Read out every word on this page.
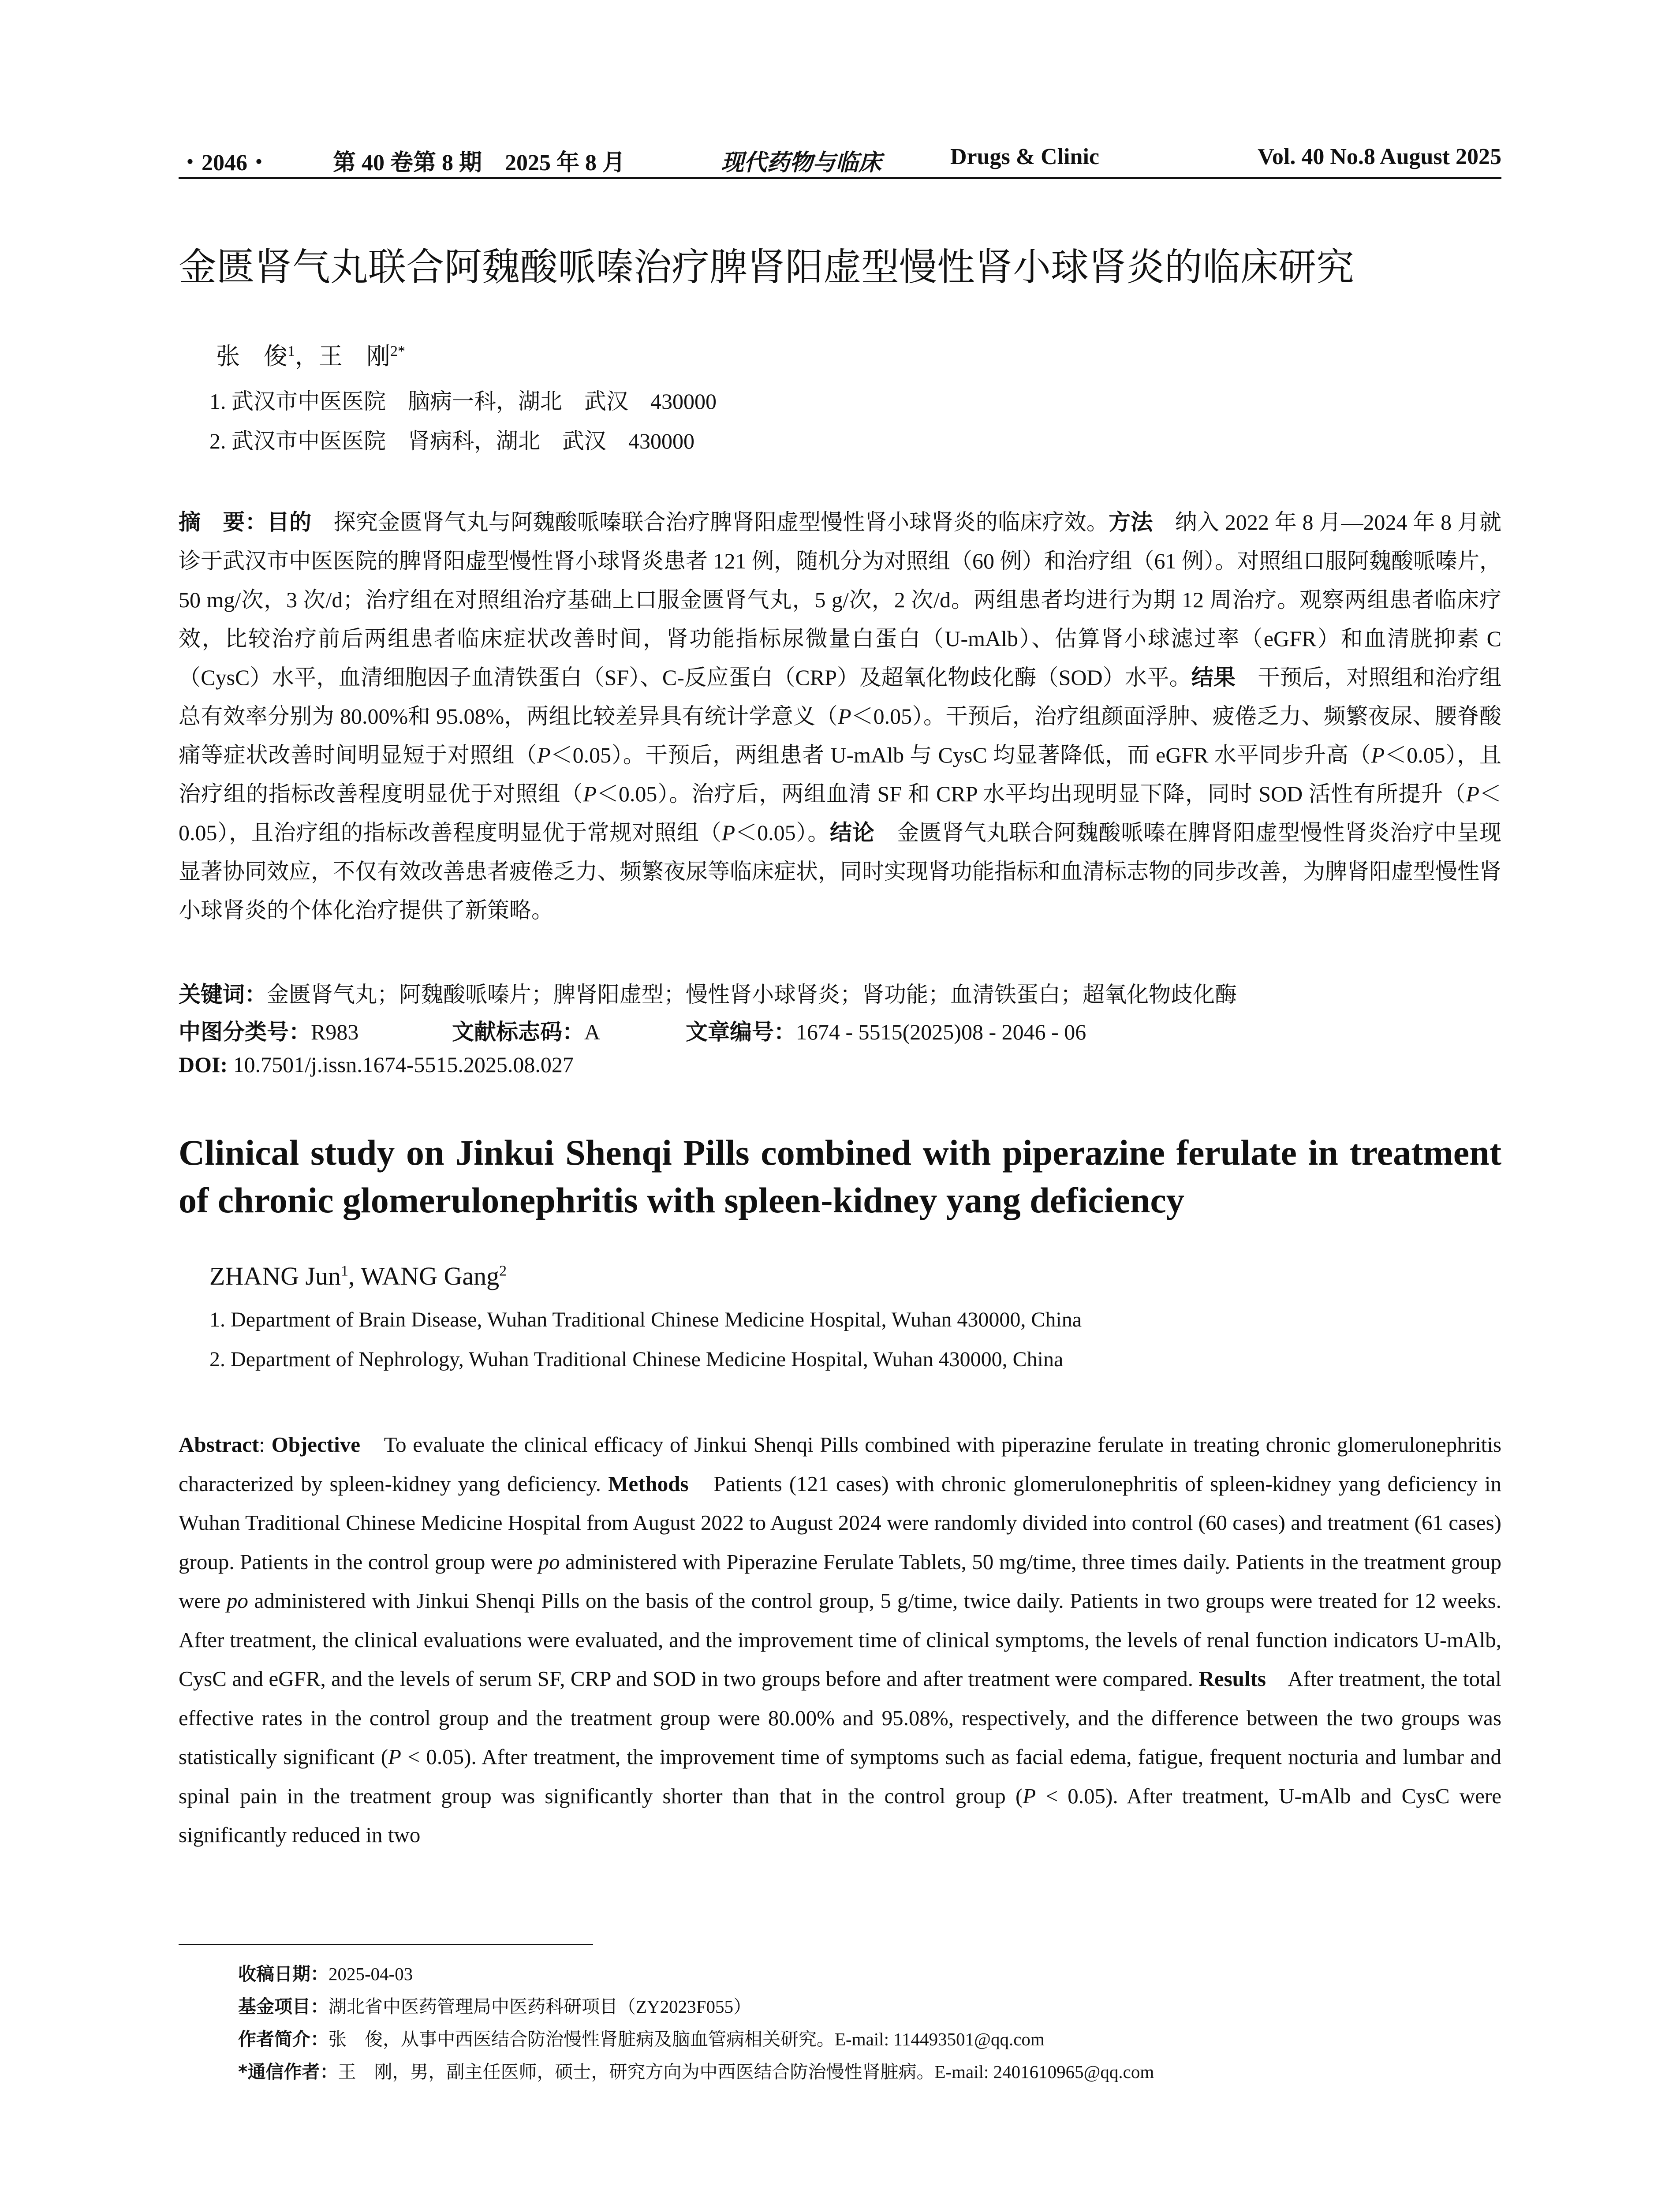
・2046・	第 40 卷第 8 期　2025 年 8 月	现代药物与临床	Drugs & Clinic	Vol. 40 No.8 August 2025
金匮肾气丸联合阿魏酸哌嗪治疗脾肾阳虚型慢性肾小球肾炎的临床研究
张　俊$^1$，王　刚$^{2*}$
1. 武汉市中医医院　脑病一科，湖北　武汉　430000
2. 武汉市中医医院　肾病科，湖北　武汉　430000
摘　要：目的　探究金匮肾气丸与阿魏酸哌嗪联合治疗脾肾阳虚型慢性肾小球肾炎的临床疗效。方法　纳入 2022 年 8 月—2024 年 8 月就诊于武汉市中医医院的脾肾阳虚型慢性肾小球肾炎患者 121 例，随机分为对照组（60 例）和治疗组（61 例）。对照组口服阿魏酸哌嗪片，50 mg/次，3 次/d；治疗组在对照组治疗基础上口服金匮肾气丸，5 g/次，2 次/d。两组患者均进行为期 12 周治疗。观察两组患者临床疗效，比较治疗前后两组患者临床症状改善时间，肾功能指标尿微量白蛋白（U-mAlb）、估算肾小球滤过率（eGFR）和血清胱抑素 C（CysC）水平，血清细胞因子血清铁蛋白（SF）、C-反应蛋白（CRP）及超氧化物歧化酶（SOD）水平。结果　干预后，对照组和治疗组总有效率分别为 80.00%和 95.08%，两组比较差异具有统计学意义（P＜0.05）。干预后，治疗组颜面浮肿、疲倦乏力、频繁夜尿、腰脊酸痛等症状改善时间明显短于对照组（P＜0.05）。干预后，两组患者 U-mAlb 与 CysC 均显著降低，而 eGFR 水平同步升高（P＜0.05），且治疗组的指标改善程度明显优于对照组（P＜0.05）。治疗后，两组血清 SF 和 CRP 水平均出现明显下降，同时 SOD 活性有所提升（P＜0.05），且治疗组的指标改善程度明显优于常规对照组（P＜0.05）。结论　金匮肾气丸联合阿魏酸哌嗪在脾肾阳虚型慢性肾炎治疗中呈现显著协同效应，不仅有效改善患者疲倦乏力、频繁夜尿等临床症状，同时实现肾功能指标和血清标志物的同步改善，为脾肾阳虚型慢性肾小球肾炎的个体化治疗提供了新策略。
关键词：金匮肾气丸；阿魏酸哌嗪片；脾肾阳虚型；慢性肾小球肾炎；肾功能；血清铁蛋白；超氧化物歧化酶
中图分类号：R983	文献标志码：A	文章编号：1674 - 5515(2025)08 - 2046 - 06
DOI: 10.7501/j.issn.1674-5515.2025.08.027
Clinical study on Jinkui Shenqi Pills combined with piperazine ferulate in treatment of chronic glomerulonephritis with spleen-kidney yang deficiency
ZHANG Jun$^1$, WANG Gang$^2$
1. Department of Brain Disease, Wuhan Traditional Chinese Medicine Hospital, Wuhan 430000, China
2. Department of Nephrology, Wuhan Traditional Chinese Medicine Hospital, Wuhan 430000, China
Abstract: Objective　To evaluate the clinical efficacy of Jinkui Shenqi Pills combined with piperazine ferulate in treating chronic glomerulonephritis characterized by spleen-kidney yang deficiency. Methods　Patients (121 cases) with chronic glomerulonephritis of spleen-kidney yang deficiency in Wuhan Traditional Chinese Medicine Hospital from August 2022 to August 2024 were randomly divided into control (60 cases) and treatment (61 cases) group. Patients in the control group were po administered with Piperazine Ferulate Tablets, 50 mg/time, three times daily. Patients in the treatment group were po administered with Jinkui Shenqi Pills on the basis of the control group, 5 g/time, twice daily. Patients in two groups were treated for 12 weeks. After treatment, the clinical evaluations were evaluated, and the improvement time of clinical symptoms, the levels of renal function indicators U-mAlb, CysC and eGFR, and the levels of serum SF, CRP and SOD in two groups before and after treatment were compared. Results　After treatment, the total effective rates in the control group and the treatment group were 80.00% and 95.08%, respectively, and the difference between the two groups was statistically significant (P < 0.05). After treatment, the improvement time of symptoms such as facial edema, fatigue, frequent nocturia and lumbar and spinal pain in the treatment group was significantly shorter than that in the control group (P < 0.05). After treatment, U-mAlb and CysC were significantly reduced in two
收稿日期：2025-04-03
基金项目：湖北省中医药管理局中医药科研项目（ZY2023F055）
作者简介：张　俊，从事中西医结合防治慢性肾脏病及脑血管病相关研究。E-mail: 114493501@qq.com
*通信作者：王　刚，男，副主任医师，硕士，研究方向为中西医结合防治慢性肾脏病。E-mail: 2401610965@qq.com
